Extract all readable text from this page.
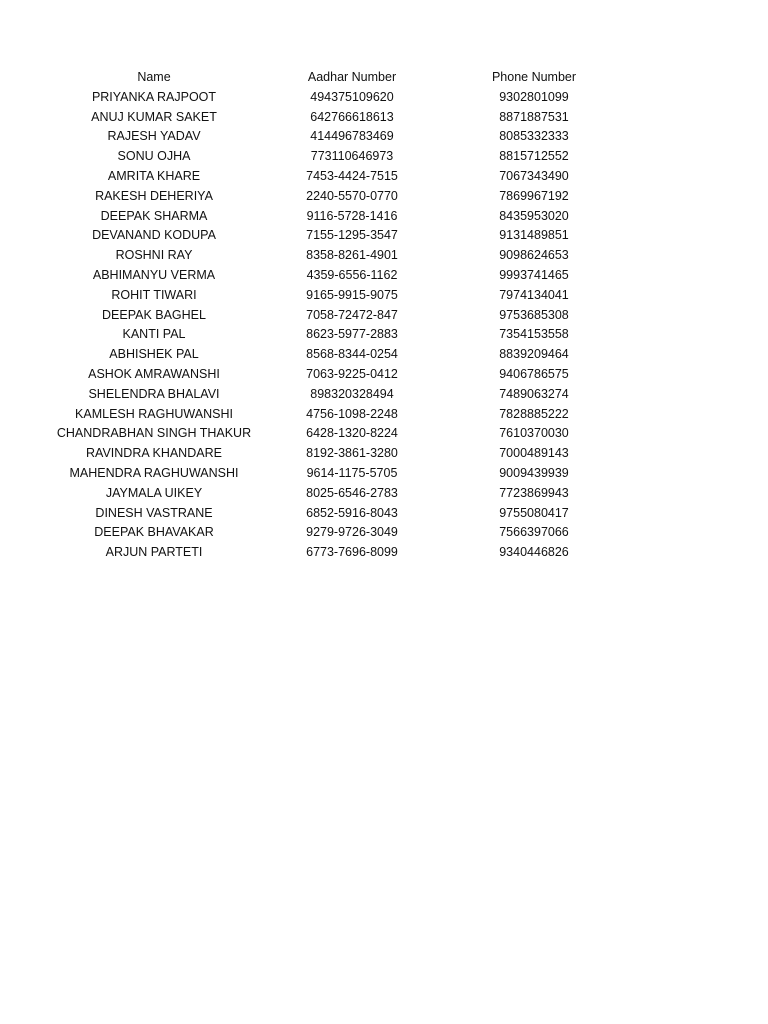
Name	Aadhar Number	Phone Number
PRIYANKA RAJPOOT	494375109620	9302801099
ANUJ KUMAR SAKET	642766618613	8871887531
RAJESH YADAV	414496783469	8085332333
SONU OJHA	773110646973	8815712552
AMRITA KHARE	7453-4424-7515	7067343490
RAKESH DEHERIYA	2240-5570-0770	7869967192
DEEPAK SHARMA	9116-5728-1416	8435953020
DEVANAND KODUPA	7155-1295-3547	9131489851
ROSHNI RAY	8358-8261-4901	9098624653
ABHIMANYU VERMA	4359-6556-1162	9993741465
ROHIT TIWARI	9165-9915-9075	7974134041
DEEPAK BAGHEL	7058-72472-847	9753685308
KANTI PAL	8623-5977-2883	7354153558
ABHISHEK PAL	8568-8344-0254	8839209464
ASHOK AMRAWANSHI	7063-9225-0412	9406786575
SHELENDRA BHALAVI	898320328494	7489063274
KAMLESH RAGHUWANSHI	4756-1098-2248	7828885222
CHANDRABHAN SINGH THAKUR	6428-1320-8224	7610370030
RAVINDRA KHANDARE	8192-3861-3280	7000489143
MAHENDRA RAGHUWANSHI	9614-1175-5705	9009439939
JAYMALA UIKEY	8025-6546-2783	7723869943
DINESH VASTRANE	6852-5916-8043	9755080417
DEEPAK BHAVAKAR	9279-9726-3049	7566397066
ARJUN PARTETI	6773-7696-8099	9340446826
